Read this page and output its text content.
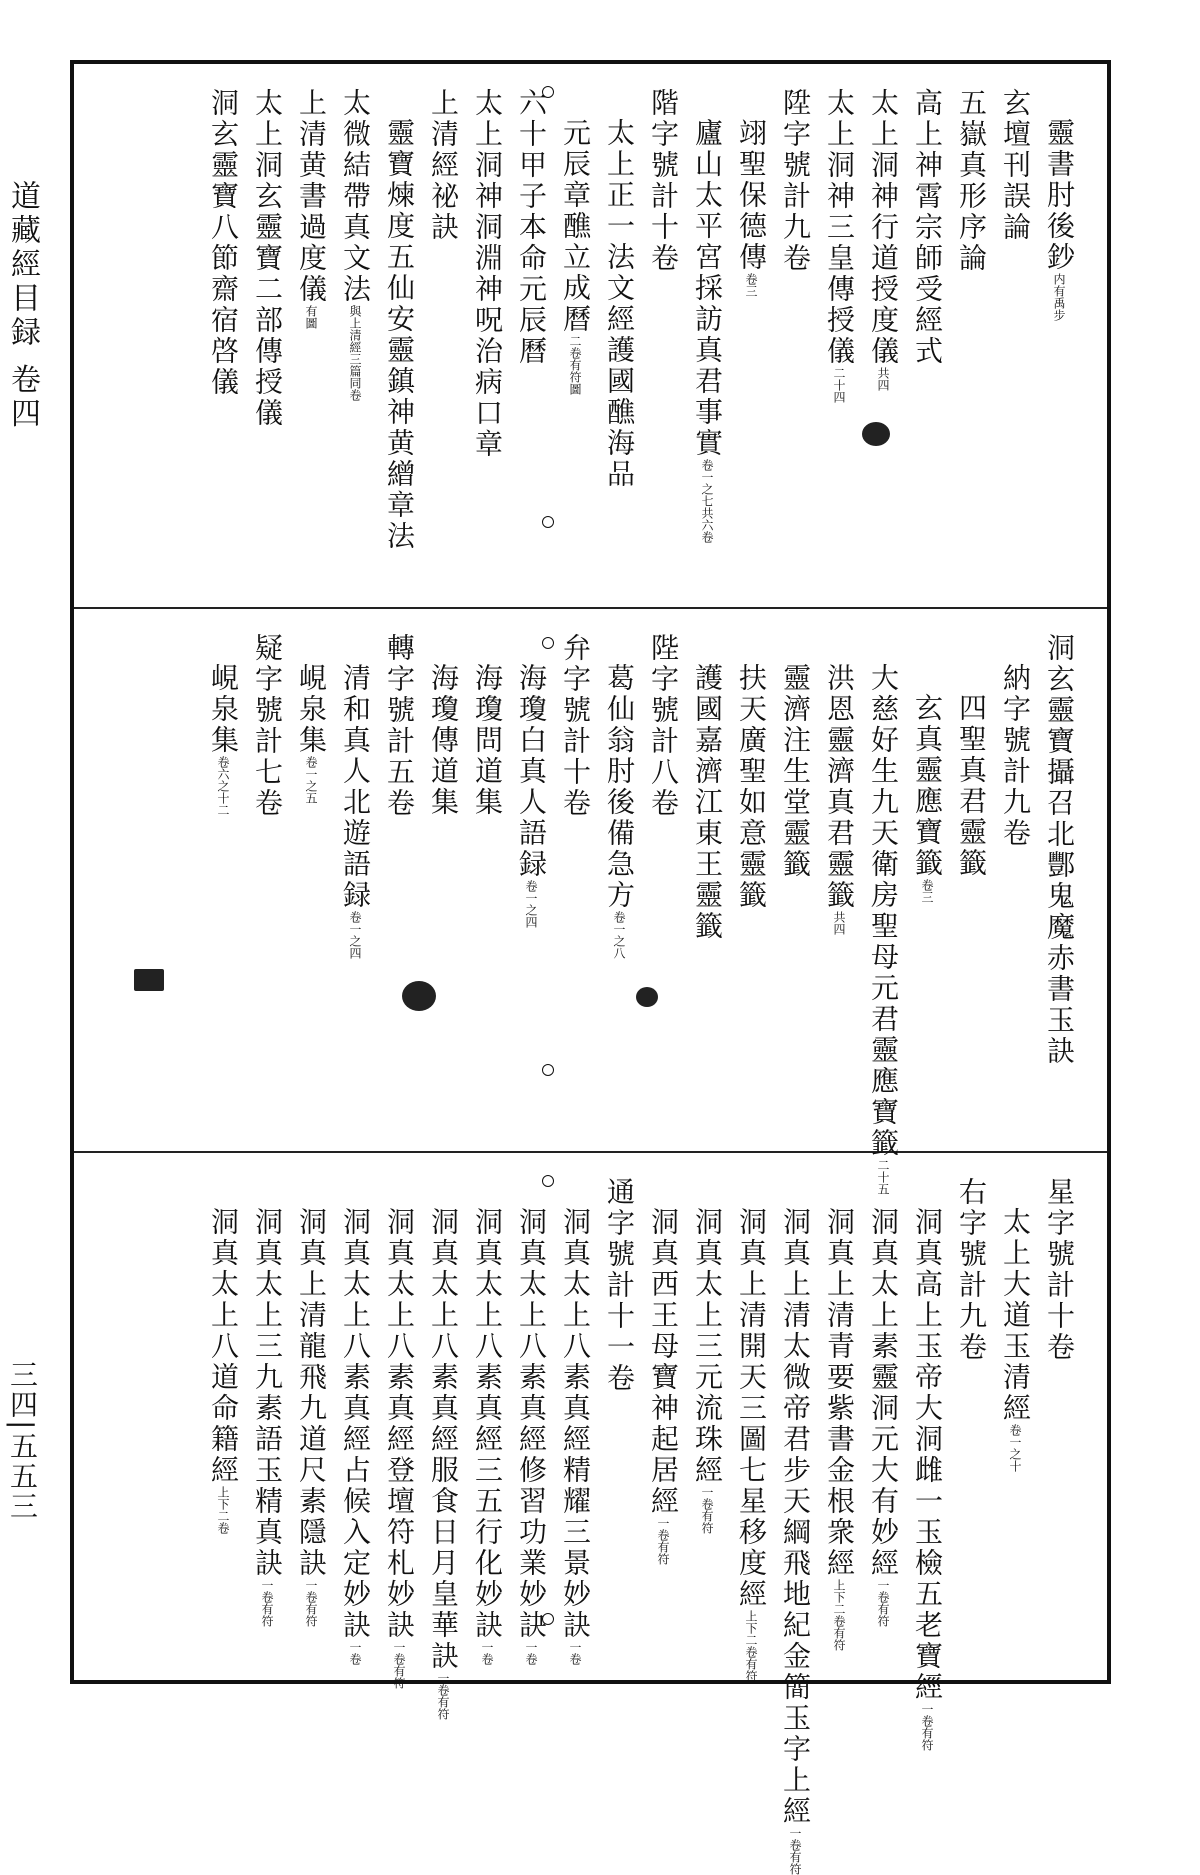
道藏經目録 卷四
三四|五五三
靈書肘後鈔内有禹步
玄壇刊誤論
五嶽真形序論
高上神霄宗師受經式
太上洞神行道授度儀共四
太上洞神三皇傳授儀二十四
陞字號計九卷
翊聖保德傳卷三
廬山太平宮採訪真君事實卷一之七共六卷
階字號計十卷
太上正一法文經護國醮海品
元辰章醮立成曆二卷有符圖
六十甲子本命元辰曆
太上洞神洞淵神呪治病口章
上清經祕訣
靈寶煉度五仙安靈鎮神黄繒章法
太微結帶真文法與上清經三篇同卷
上清黄書過度儀有圖
太上洞玄靈寶二部傳授儀
洞玄靈寶八節齋宿啓儀
洞玄靈寶攝召北酆鬼魔赤書玉訣
納字號計九卷
四聖真君靈籤
玄真靈應寶籤卷三
大慈好生九天衛房聖母元君靈應寶籤二十五
洪恩靈濟真君靈籤共四
靈濟注生堂靈籤
扶天廣聖如意靈籤
護國嘉濟江東王靈籤
陛字號計八卷
葛仙翁肘後備急方卷一之八
弁字號計十卷
海瓊白真人語録卷一之四
海瓊問道集
海瓊傳道集
轉字號計五卷
清和真人北遊語録卷一之四
峴泉集卷一之五
疑字號計七卷
峴泉集卷六之十二
星字號計十卷
太上大道玉清經卷一之十
右字號計九卷
洞真高上玉帝大洞雌一玉檢五老寶經一卷有符
洞真太上素靈洞元大有妙經一卷有符
洞真上清青要紫書金根衆經上下二卷有符
洞真上清太微帝君步天綱飛地紀金簡玉字上經一卷有符
洞真上清開天三圖七星移度經上下二卷有符
洞真太上三元流珠經一卷有符
洞真西王母寶神起居經一卷有符
通字號計十一卷
洞真太上八素真經精耀三景妙訣一卷
洞真太上八素真經修習功業妙訣一卷
洞真太上八素真經三五行化妙訣一卷
洞真太上八素真經服食日月皇華訣一卷有符
洞真太上八素真經登壇符札妙訣一卷有符
洞真太上八素真經占候入定妙訣一卷
洞真上清龍飛九道尺素隱訣一卷有符
洞真太上三九素語玉精真訣一卷有符
洞真太上八道命籍經上下二卷
